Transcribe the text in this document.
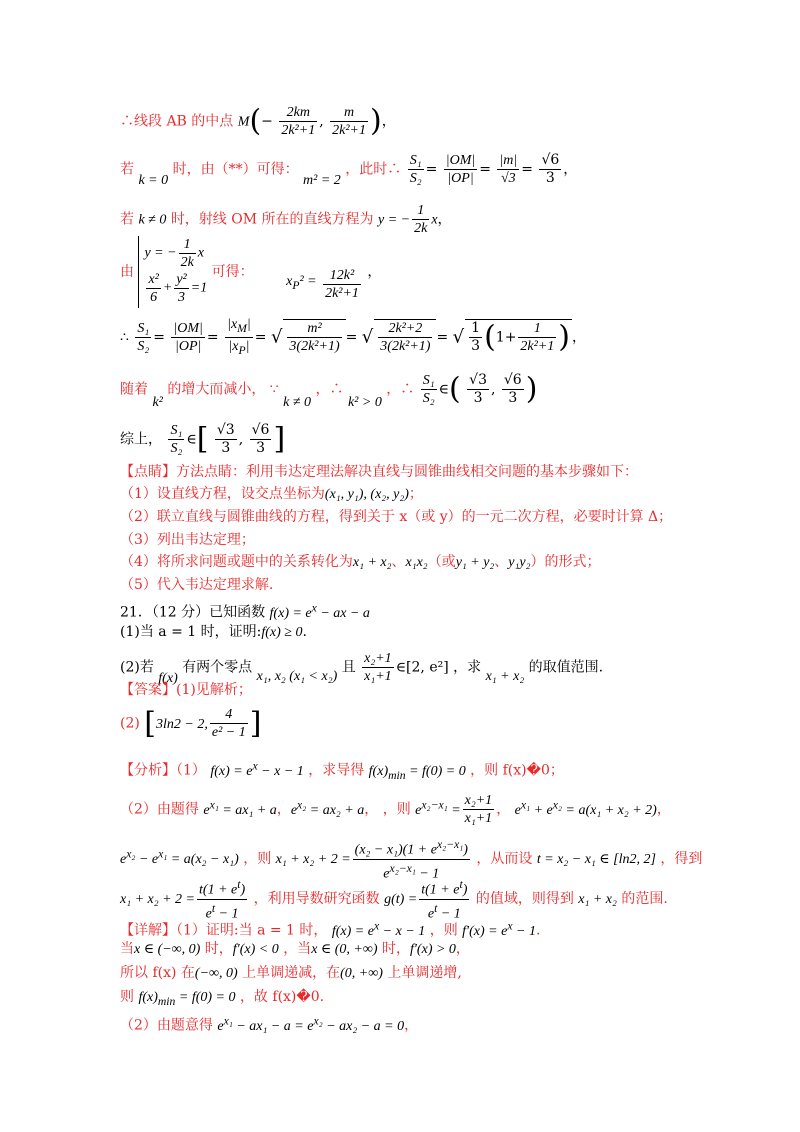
∴线段 AB 的中点 $M(- \frac{2km}{\text{2k²+1}}$ , $\frac{m}{\text{2k²+1}}$ )，
若 k = 0 时，由（**）可得： m² = 2 ，此时∴ $\frac{\text{S₁}}{\text{S₂}} = \frac{|OM|}{|OP|} = \frac{|m|}{√3} = \frac{√6}{3}$ ，
若 k ≠ 0 时，射线 OM 所在的直线方程为 y = − $\frac{1}{2k}$ x，
由
y = − $\frac{1}{2k}$ x
$\frac{\text{x²}}{6} + \frac{\text{y²}}{3} =1$
可得： $x_P^2 = \frac{\text{12k²}}{\text{2k²+1}}$ ，
∴ $\frac{\text{S₁}}{\text{S₂}} = \frac{|OM|}{|OP|} = \frac{|x_M|}{|x_P|}$ = √ $\frac{\text{m²}}{\text{3(2k²+1)}}$ = √ $\frac{\text{2k²+2}}{\text{3(2k²+1)}}$ = √ $\frac{1}{3} (1+ \frac{1}{\text{2k²+1}}$ ) ，
随着 k² 的增大而减小， ∵ k ≠ 0 ，∴ k² > 0 ，∴ $\frac{\text{S₁}}{\text{S₂}}$ ∈( $\frac{√3}{3}$ , $\frac{√6}{3}$ )
综上， $\frac{\text{S₁}}{\text{S₂}}$ ∈[ $\frac{√3}{3}$ , $\frac{√6}{3}$ ]
【点睛】方法点睛：利用韦达定理法解决直线与圆锥曲线相交问题的基本步骤如下：
（1）设直线方程，设交点坐标为(x₁, y₁), (x₂, y₂)；
（2）联立直线与圆锥曲线的方程，得到关于 x（或 y）的一元二次方程，必要时计算 Δ；
（3）列出韦达定理；
（4）将所求问题或题中的关系转化为x₁ + x₂、x₁x₂（或y₁ + y₂、y₁y₂）的形式；
（5）代入韦达定理求解.
21．（12 分）已知函数 $f(x) = e^x$ − ax − a
(1)当 a = 1 时，证明:f(x) ≥ 0.
(2)若 f(x) 有两个零点 x₁, x₂ (x₁ < x₂) 且 $\frac{\text{x₂+1}}{\text{x₁+1}}$ ∈[2, e²] ，求 x₁ + x₂ 的取值范围.
【答案】(1)见解析；
(2) [3ln2 − 2, $\frac{4}{\text{e² − 1}}$ ]
【分析】（1） $f(x) = e^x - x - 1$ ，求导得 $f(x)_{min} = f(0) = 0$ ，则 f(x)�0；
（2）由题得 $e^{x_1} = ax_1 + a$，$e^{x_2} = ax_2 + a$， ，则 $e^{x_2-x_1} = \frac{\text{x₂+1}}{\text{x₁+1}}$ ， $e^{x_1} + e^{x_2} = a(x_1 + x_2 + 2)$，
$e^{x_2} - e^{x_1} = a(x_2 - x_1)$ ，则 $x_1 + x_2 + 2 = \frac{(x_2 - x_1)(1 + e^{x_2-x_1})}{e^{x_2-x_1} - 1}$ ，从而设 t = x₂ − x₁ ∈ [ln2, 2] ，得到
$x_1 + x_2 + 2 = \frac{t(1 + e^t)}{e^t - 1}$ ，利用导数研究函数 $g(t) = \frac{t(1 + e^t)}{e^t - 1}$ 的值域，则得到 x₁ + x₂ 的范围.
【详解】（1）证明:当 a = 1 时， $f(x) = e^x - x - 1$ ，则 $f'(x) = e^x - 1$.
当x ∈ (−∞, 0) 时，f′(x) < 0 ，当x ∈ (0, +∞) 时，f′(x) > 0，
所以 f(x) 在(−∞, 0) 上单调递减，在(0, +∞) 上单调递增,
则 $f(x)_{min} = f(0) = 0$ ，故 f(x)�0.
（2）由题意得 $e^{x_1} - ax_1 - a = e^{x_2} - ax_2 - a = 0$，
